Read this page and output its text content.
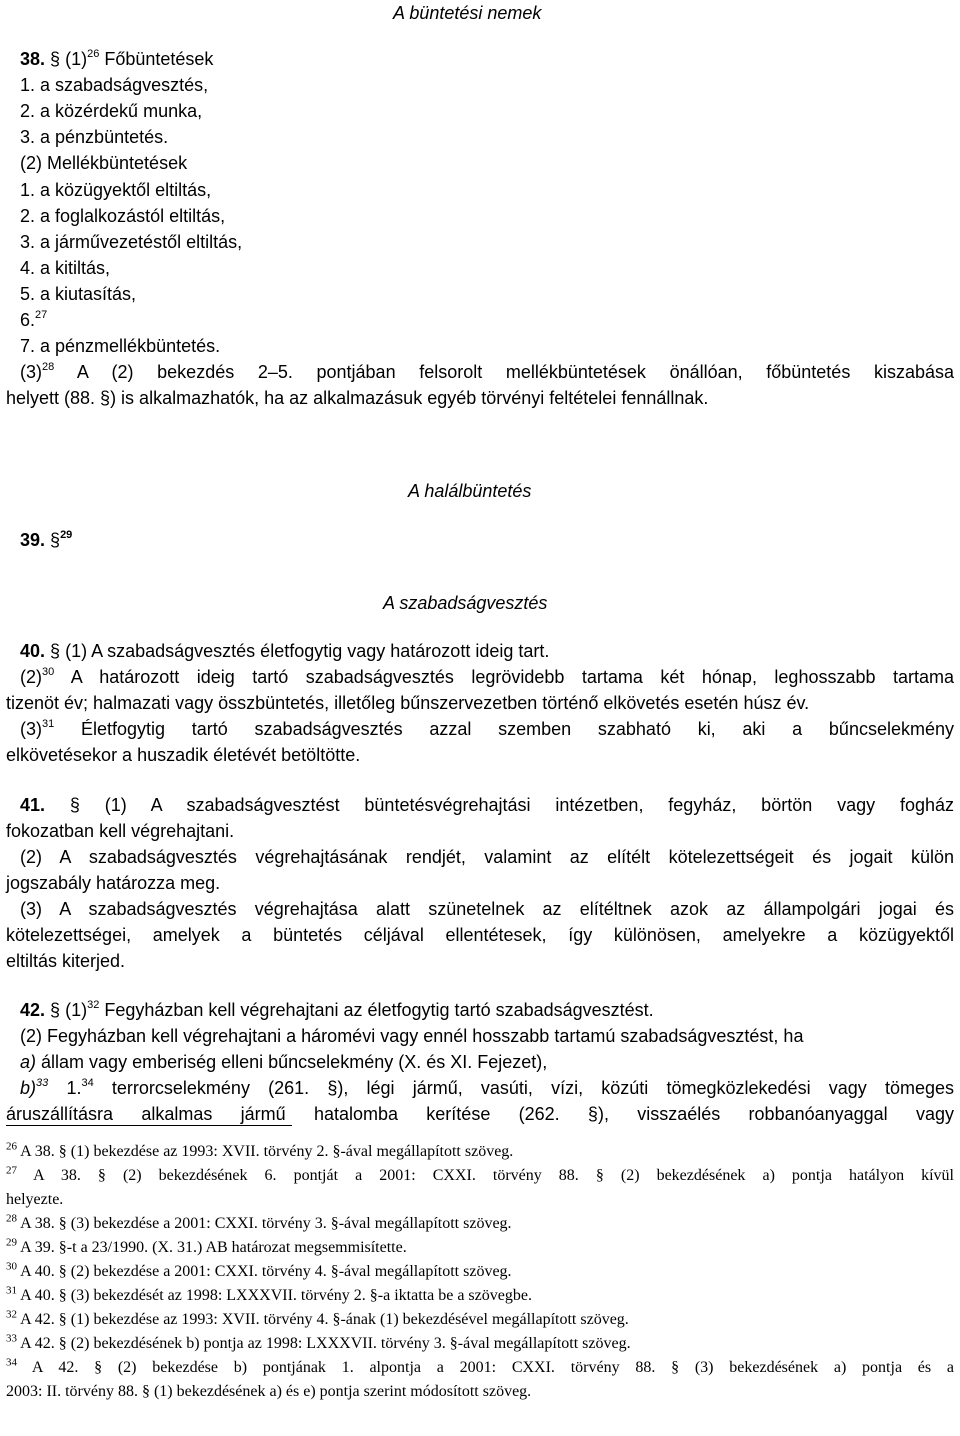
A büntetési nemek
38. § $(1)^{26}$ Főbüntetések
1. a szabadságvesztés,
2. a közérdekű munka,
3. a pénzbüntetés.
(2) Mellékbüntetések
1. a közügyektől eltiltás,
2. a foglalkozástól eltiltás,
3. a járművezetéstől eltiltás,
4. a kitiltás,
5. a kiutasítás,
6.27
7. a pénzmellékbüntetés.
$(3)^{28}$ A (2) bekezdés 2–5. pontjában felsorolt mellékbüntetések önállóan, főbüntetés kiszabása
helyett (88. §) is alkalmazhatók, ha az alkalmazásuk egyéb törvényi feltételei fennállnak.
A halálbüntetés
39. §$^{29}$
A szabadságvesztés
40. § (1) A szabadságvesztés életfogytig vagy határozott ideig tart.
$(2)^{30}$ A határozott ideig tartó szabadságvesztés legrövidebb tartama két hónap, leghosszabb tartama
tizenöt év; halmazati vagy összbüntetés, illetőleg bűnszervezetben történő elkövetés esetén húsz év.
$(3)^{31}$ Életfogytig tartó szabadságvesztés azzal szemben szabható ki, aki a bűncselekmény
elkövetésekor a huszadik életévét betöltötte.
41. § (1) A szabadságvesztést büntetésvégrehajtási intézetben, fegyház, börtön vagy fogház
fokozatban kell végrehajtani.
(2) A szabadságvesztés végrehajtásának rendjét, valamint az elítélt kötelezettségeit és jogait külön
jogszabály határozza meg.
(3) A szabadságvesztés végrehajtása alatt szünetelnek az elítéltnek azok az állampolgári jogai és
kötelezettségei, amelyek a büntetés céljával ellentétesek, így különösen, amelyekre a közügyektől
eltiltás kiterjed.
42. § $(1)^{32}$ Fegyházban kell végrehajtani az életfogytig tartó szabadságvesztést.
(2) Fegyházban kell végrehajtani a háromévi vagy ennél hosszabb tartamú szabadságvesztést, ha
a) állam vagy emberiség elleni bűncselekmény (X. és XI. Fejezet),
b)$^{33}$ 1.34 terrorcselekmény (261. §), légi jármű, vasúti, vízi, közúti tömegközlekedési vagy tömeges
áruszállításra alkalmas jármű hatalomba kerítése (262. §), visszaélés robbanóanyaggal vagy
$^{26}$ A 38. § (1) bekezdése az 1993: XVII. törvény 2. §-ával megállapított szöveg.
$^{27}$ A 38. § (2) bekezdésének 6. pontját a 2001: CXXI. törvény 88. § (2) bekezdésének a) pontja hatályon kívül
helyezte.
$^{28}$ A 38. § (3) bekezdése a 2001: CXXI. törvény 3. §-ával megállapított szöveg.
$^{29}$ A 39. §-t a 23/1990. (X. 31.) AB határozat megsemmisítette.
$^{30}$ A 40. § (2) bekezdése a 2001: CXXI. törvény 4. §-ával megállapított szöveg.
$^{31}$ A 40. § (3) bekezdését az 1998: LXXXVII. törvény 2. §-a iktatta be a szövegbe.
$^{32}$ A 42. § (1) bekezdése az 1993: XVII. törvény 4. §-ának (1) bekezdésével megállapított szöveg.
$^{33}$ A 42. § (2) bekezdésének b) pontja az 1998: LXXXVII. törvény 3. §-ával megállapított szöveg.
$^{34}$ A 42. § (2) bekezdése b) pontjának 1. alpontja a 2001: CXXI. törvény 88. § (3) bekezdésének a) pontja és a
2003: II. törvény 88. § (1) bekezdésének a) és e) pontja szerint módosított szöveg.
